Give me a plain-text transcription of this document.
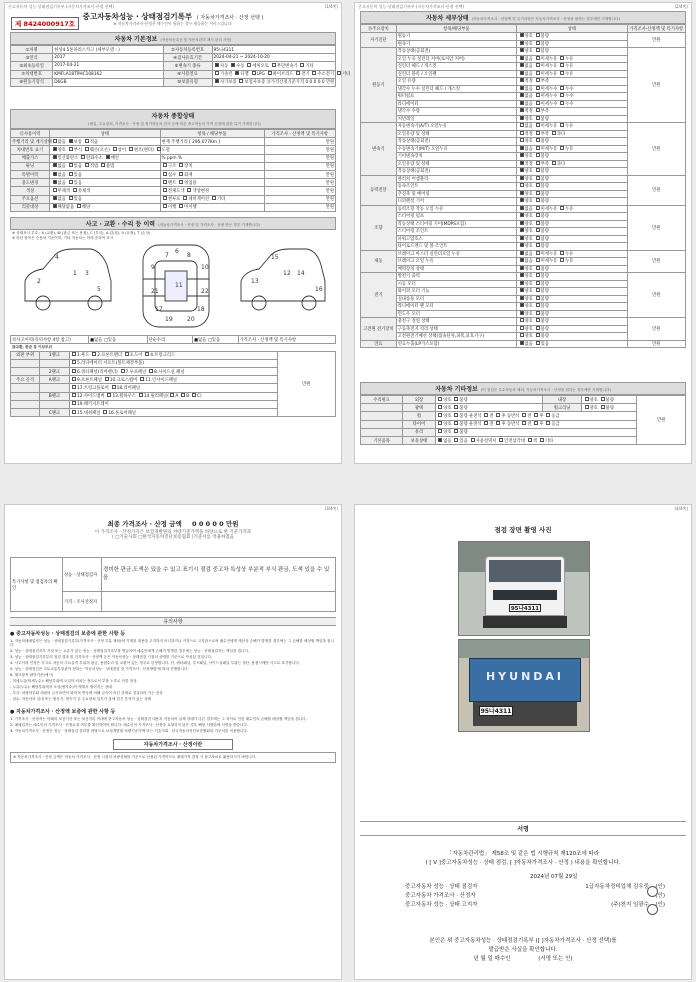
중고자동차 성능·상태점검기록부 (자동차가격조사·산정 선택)	(1/4쪽)
제 8424000917호
중고자동차성능 · 상태점검기록부 ( 자동차가격조사 · 산정 선택 )
※ 자동차가격조사·산정은 매수인이 원하는 경우 제공하는 서비스입니다.
자동차 기본정보 (자동차등록증 및 자동차관리 계시 관리 사항)
①차명	한성4.5톤플러스카고 (세부모델 : )	②자동차등록번호	95나4311
③연식	2017	④검사유효기간	2024-04-21 ~ 2024-10-20
⑤최초등록일	2017-04-21	⑥변속기 종류	자동 수동 세미오토 무단변속기 기타
⑦차대번호	KMFLA18TPHC108162	⑧사용연료	가솔린 디젤 LPG 하이브리드 전기 수소전기 기타
⑨원동기형식	D6GB	⑩보증유형	자가보증 보험사보증 ⑪가격산정기준가격 0 0 0 0 0 만원
자동차 종합상태
(세일, 주요장치, 가격조사 · 산정 및 정기자동차 검사 등에 따른 중고자동차 가격 산정에 관한 특기 기재함니다)
⑫사용이력	상태	항목 / 해당부품	가격조사 · 산정액 및 특기사항
주행거리 및 계기상태	많음 보통 적음	현재 주행거리 [ 295,077Km ]	만원
차대번호 표기	양호 부식 훼손(오손) 상이 변조(변타) 도말		만원
배출가스	일산화탄소 탄화수소 매연	% ppm %	만원
튜닝	없음 있음 적법 불법	구조 장치	만원
특별이력	없음 있음	침수 화재	만원
용도변경	없음 있음	렌트 영업용	만원
색상	무채색 유채색	전체도색 색상변경	만원
주요옵션	없음 있음	썬루프 네비게이션 기타	만원
리콜대상	해당없음 해당	이행 미이행	만원
사고 · 교환 · 수리 등 이력 (자동차가격조사 · 산정 및 가격조사 · 산정 받은 경우 기재합니다)
※ 상태표시 부호 : X (교환), W (판금 또는 용접), C (부식), A (흠집), U (요철), T (손상)
※ 하단 항목은 승용차 기준이며, 기타 자동차는 이에 준하여 표시
1
2
3
4
5
6
7	8
9	10
11
12
13
14
15
16
17	18
19 20
21	22
⑬사고이력(유의사항 4항 참고)	■없음 □있음	단순수리	■없음 □있음	가격조사 · 산정액 및 특기사항
⑭교환, 판금 등 이상부위
외판 부위	1랭크	1.후드 2.프론트펜더 3.도어 4.트렁크리드	만원
		5.라디에이터 서포트(볼트체결부품)	
	2랭크	6.쿼터패널(리어펜더) 7.루프패널 8.사이드실 패널	
주요 골격	A랭크	9.프론트패널 10.크로스멤버 11.인사이드패널	
		17.트렁크플로어 18.리어패널	
	B랭크	12.사이드멤버 13.휠하우스 14.필러패널( A B C)	
		19.패키지트레이	
	C랭크	15.대쉬패널 16.플로어패널	
중고자동차 성능·상태점검기록부 (자동차가격조사·산정 선택)	(2/4쪽)
자동차 세부상태 (자동차가격조사 · 산정액 및 특기사항은 자동차가격조사 · 산정을 원하는 경우에만 기재합니다)
⑮주요장치	항목/해당부품	상태	가격조사·산정액 및 특기사항
자기진단	원동기	양호 불량	만원
	변속기	양호 불량	
원동기	작동상태(공회전)	양호 불량	만원
	오일 누유 실린더 커버(로커암 커버)	없음 미세누유 누유	
	실린더 헤드 / 개스킷	없음 미세누유 누유	
	실린더 블록 / 오일팬	없음 미세누유 누유	
	오일 유량	적정 부족	
	냉각수 누수 실린더 헤드 / 개스킷	없음 미세누수 누수	
	워터펌프	없음 미세누수 누수	
	라디에이터	없음 미세누수 누수	
	냉각수 수량	적정 부족	
	커먼레일	양호 불량	
변속기	자동변속기(A/T) 오일누유	없음 미세누유 누유	만원
	오일유량 및 상태	적정 부족 과다	
	작동상태(공회전)	양호 불량	
	수동변속기(M/T) 오일누유	없음 미세누유 누유	
	기어변속장치	양호 불량	
	오일유량 및 상태	적정 부족 과다	
	작동상태(공회전)	양호 불량	
동력전달	클러치 어셈블리	양호 불량	만원
	등속조인트	양호 불량	
	추진축 및 베어링	양호 불량	
	디퍼렌셜 기어	양호 불량	
조향	동력조향 작동 오일 누유	없음 미세누유 누유	만원
	스티어링 펌프	양호 불량	
	작동상태 스티어링 기어(MDPS포함)	양호 불량	
	스티어링 조인트	양호 불량	
	파워고압호스	양호 불량	
	타이로드엔드 및 볼 조인트	양호 불량	
제동	브레이크 마스터 실린더오일 누유	없음 미세누유 누유	만원
	브레이크 오일 누유	없음 미세누유 누유	
	배력장치 상태	양호 불량	
전기	발전기 출력	양호 불량	만원
	시동 모터	양호 불량	
	와이퍼 모터 기능	양호 불량	
	실내송풍 모터	양호 불량	
	라디에이터 팬 모터	양호 불량	
	윈도우 모터	양호 불량	
고전원 전기장치	충전구 절연 상태	양호 불량	만원
	구동축전지 격리 상태	양호 불량	
	고전원전기배선 상태(접속단자,피복,보호기구)	양호 불량	
연료	연료누출(LP가스포함)	없음 있음	만원
자동차 기타정보 (이 점검은 특수자동차 제외, 자동차가격조사 · 산정을 원하는 경우에만 기재합니다)
수리필요	외장	양호 불량	내장	양호 불량	만원
	광택	양호 불량	휠크리닝	양호 불량	
	휠	양호 불량 운전석 전 후 동반석 전 후 응급			
	타이어	양호 불량 운전석 전 후 동반석 전 후 응급			
	유리	양호 불량			
기본품목	보유상태	없음 있음 사용설명서 안전삼각대 잭 기타			
(3/4쪽)
최종 가격조사 · 산정 금액 0 0 0 0 0 만원
이 가격조사 · 산정가격은 보험개발원의 차량기준가액을 바탕으로 한 기준가격과
( □기술사회 □한국자동차진단보증협회 )기준서를 적용하였음
특기사항 및 점검자의 확인	성능 · 상태점검자	경미한 판금,도색은 있을 수 있고 표기시 점검 중고차 특성상 부분적 부식 판금, 도색 있을 수 있음
	가격 · 조사산정자	
유의사항
● 중고자동차성능 · 상태점검의 보증에 관한 사항 등
1. 자동차매매업자는 성능 · 상태점검기록부(가격조사 · 산정 부분 제외)에 기재된 내용을 고지하지 아니하거나 거짓으로 고지함으로써 매수인에게 재산상 손해가 발생한 경우에는 그 손해를 배상할 책임을 집니다.
2. 성능 · 상태점검자가 거짓 또는 오류가 있는 성능 · 상태점검기록부를 발급하여 매수인에게 손해가 발생한 경우에는 성능 · 상태점검자는 책임을 집니다.
3. 성능 · 상태점검기록부의 점검 결과 및 가격조사 · 산정액 등은 자동차성능 · 상태점검 시점의 상태를 기준으로 작성된 것입니다.
4. 사고이력 인정은 사고로 자동차 주요골격 부위의 판금, 용접수리 및 교환이 있는 경우로 한정합니다. 단, 쿼터패널, 루프패널, 사이드실패널 부위는 절단, 용접시에만 사고로 표기합니다.
5. 성능 · 상태점검은 국토교통부장관이 정하는 '자동차성능 · 상태점검 및 가격조사 · 산정방법'에 따라 진행합니다.
6. 체크항목 판단기준(예시)
- 미세누유(미세누수): 해당부위에 오일이 비치는 정도로서 부품 노후로 인한 현상
- 누유(누수): 해당부위에서 오일(냉각수)이 맺혀서 떨어지는 상태
- 부식: 차량하부와 외판의 금속표면이 화학적 반응에 의해 금속이 아닌 상태로 상실되어 가는 현상
- 침수: 자동차의 실내 또는 원동기, 변속기 등 주요장치 일부가 물에 잠긴 흔적이 있는 상태
● 자동차가격조사 · 산정액 보증에 관한 사항 등
1. 가격조사 · 산정자는 아래의 보증기간 또는 보증거리 이내에 중고자동차 성능 · 상태점검 내용과 자동차의 실제 상태가 다른 경우에는 그 차이로 인한 매수인의 손해를 배상할 책임을 집니다.
2. 매매업자는 매수인의 가격조사 · 산정요청 여부를 확인하여야 합니다. 매수인이 가격조사 · 산정을 요청하지 않은 경우 해당 서명란에 서명을 받습니다.
3. 자동차가격조사 · 산정은 성능 · 상태점검 결과를 바탕으로 보험개발원 차량기준가액 또는 기술사회 · 한국자동차진단보증협회의 기준서를 적용합니다.
자동차가격조사 · 산정이란
※ 자동차가격조사 · 산정 금액은 자동차 가격조사 · 산정 시점의 차량상태를 기준으로 산정된 가격이므로 매매가격 결정 시 참고자료로 활용하시기 바랍니다.
(4/4쪽)
점검 장면 촬영 사진
95나4311
HYUNDAI
95나4311
서명
「자동차관리법」 제58조 및 같은 법 시행규칙 제120조에 따라
( [ V ]중고자동차성능 · 상태 점검, [ ]자동차가격조사 · 산정 ) 내용을 확인합니다.
2024년 07월 29일
중고자동차 성능 · 상태 점검자	1급자동차정비업체 김우중	(인)
중고자동차 가격조사 · 산정자	(인)
중고자동차 성능 · 상태 고지자	(주)천지 임광수	(인)
본인은 위 중고자동차성능 · 상태점검기록부 ([ ]자동차가격조사 · 산정 선택)를
발급받은 사실을 확인합니다.
년 월 일 매수인	(서명 또는 인)
